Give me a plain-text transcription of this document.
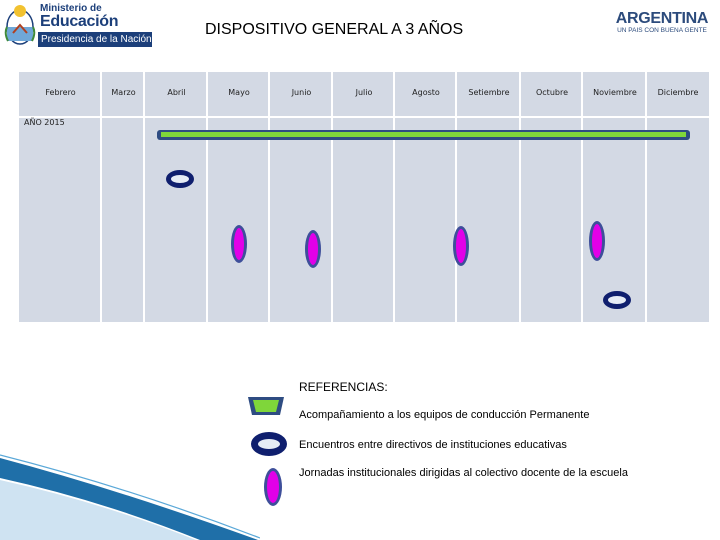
Ministerio de
Educación
Presidencia de la Nación
DISPOSITIVO GENERAL A 3 AÑOS
ARGENTINA
UN PAIS CON BUENA GENTE
Febrero	Marzo	Abril	Mayo	Junio	Julio	Agosto	Setiembre	Octubre	Noviembre	Diciembre
AÑO 2015
REFERENCIAS:
Acompañamiento a los equipos de conducción Permanente
Encuentros entre directivos de instituciones educativas
Jornadas institucionales dirigidas al colectivo docente de la escuela
